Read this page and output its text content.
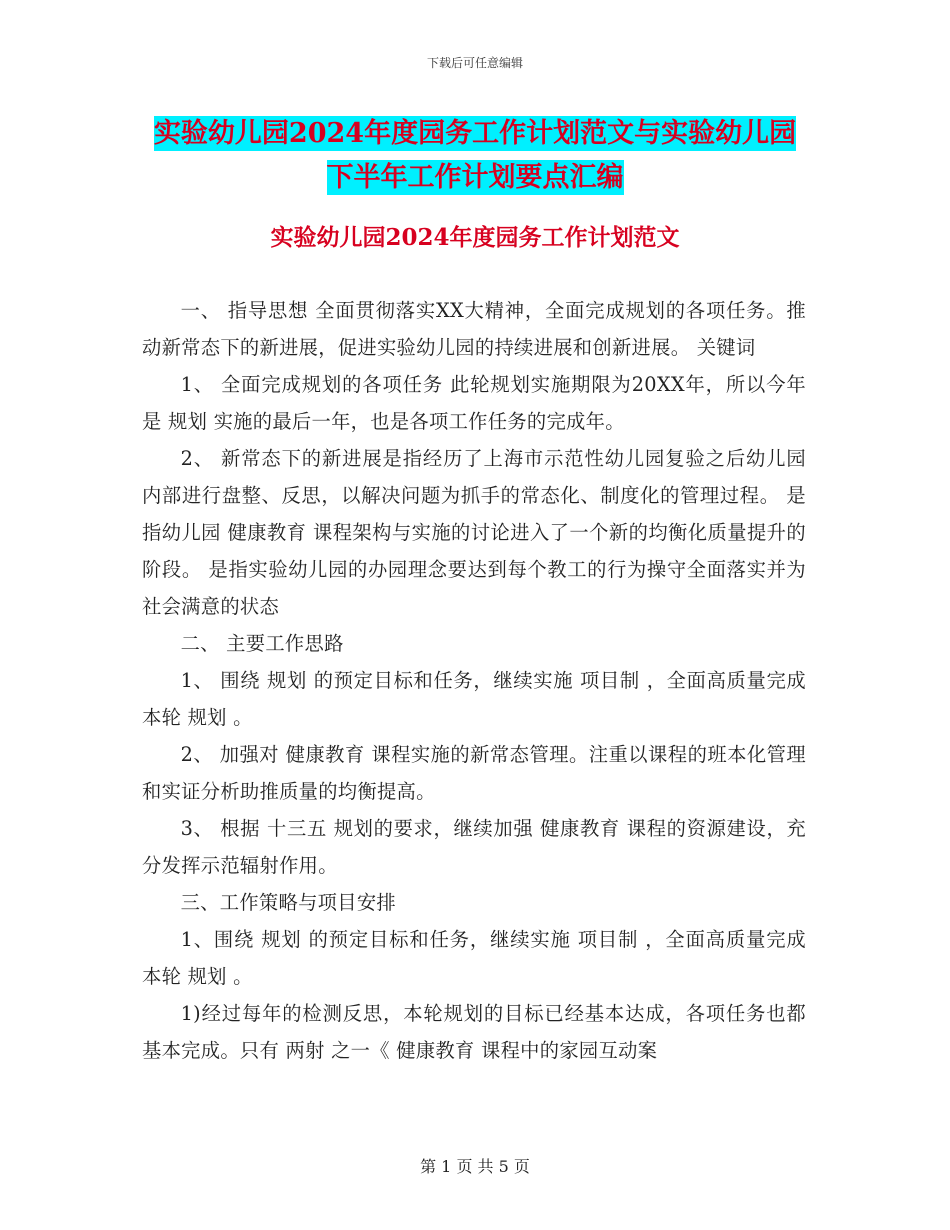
下载后可任意编辑
实验幼儿园2024年度园务工作计划范文与实验幼儿园
下半年工作计划要点汇编
实验幼儿园2024年度园务工作计划范文

一、 指导思想 全面贯彻落实XX大精神，全面完成规划的各项任务。推动新常态下的新进展，促进实验幼儿园的持续进展和创新进展。 关键词

1、 全面完成规划的各项任务 此轮规划实施期限为20XX年，所以今年是 规划 实施的最后一年，也是各项工作任务的完成年。

2、 新常态下的新进展是指经历了上海市示范性幼儿园复验之后幼儿园内部进行盘整、反思，以解决问题为抓手的常态化、制度化的管理过程。 是指幼儿园 健康教育 课程架构与实施的讨论进入了一个新的均衡化质量提升的阶段。 是指实验幼儿园的办园理念要达到每个教工的行为操守全面落实并为社会满意的状态

二、 主要工作思路

1、 围绕 规划 的预定目标和任务，继续实施 项目制 ，全面高质量完成本轮 规划 。

2、 加强对 健康教育 课程实施的新常态管理。注重以课程的班本化管理和实证分析助推质量的均衡提高。

3、 根据 十三五 规划的要求，继续加强 健康教育 课程的资源建设，充分发挥示范辐射作用。

三、工作策略与项目安排

1、围绕 规划 的预定目标和任务，继续实施 项目制 ，全面高质量完成本轮 规划 。

1)经过每年的检测反思，本轮规划的目标已经基本达成，各项任务也都基本完成。只有 两射 之一《 健康教育 课程中的家园互动案

第 1 页 共 5 页
